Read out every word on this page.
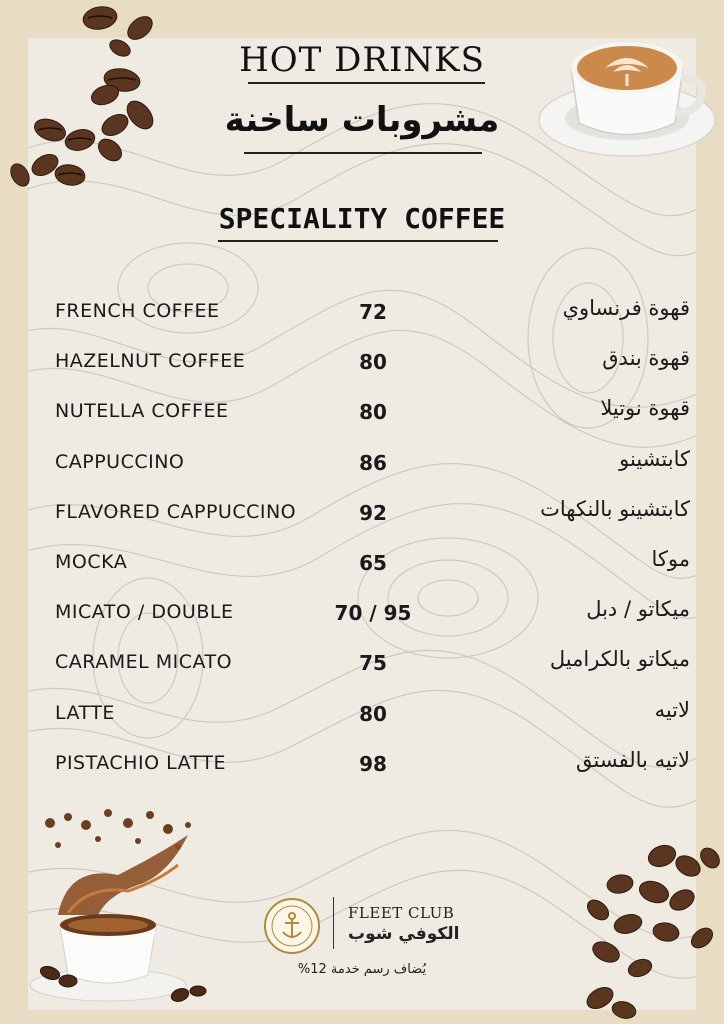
HOT DRINKS
مشروبات ساخنة
SPECIALITY COFFEE
FRENCH COFFEE	72	قهوة فرنساوي
HAZELNUT COFFEE	80	قهوة بندق
NUTELLA COFFEE	80	قهوة نوتيلا
CAPPUCCINO	86	كابتشينو
FLAVORED CAPPUCCINO	92	كابتشينو بالنكهات
MOCKA	65	موكا
MICATO / DOUBLE	70 / 95	ميكاتو / دبل
CARAMEL MICATO	75	ميكاتو بالكراميل
LATTE	80	لاتيه
PISTACHIO LATTE	98	لاتيه بالفستق
FLEET CLUB
الكوفي شوب
يُضاف رسم خدمة 12%
